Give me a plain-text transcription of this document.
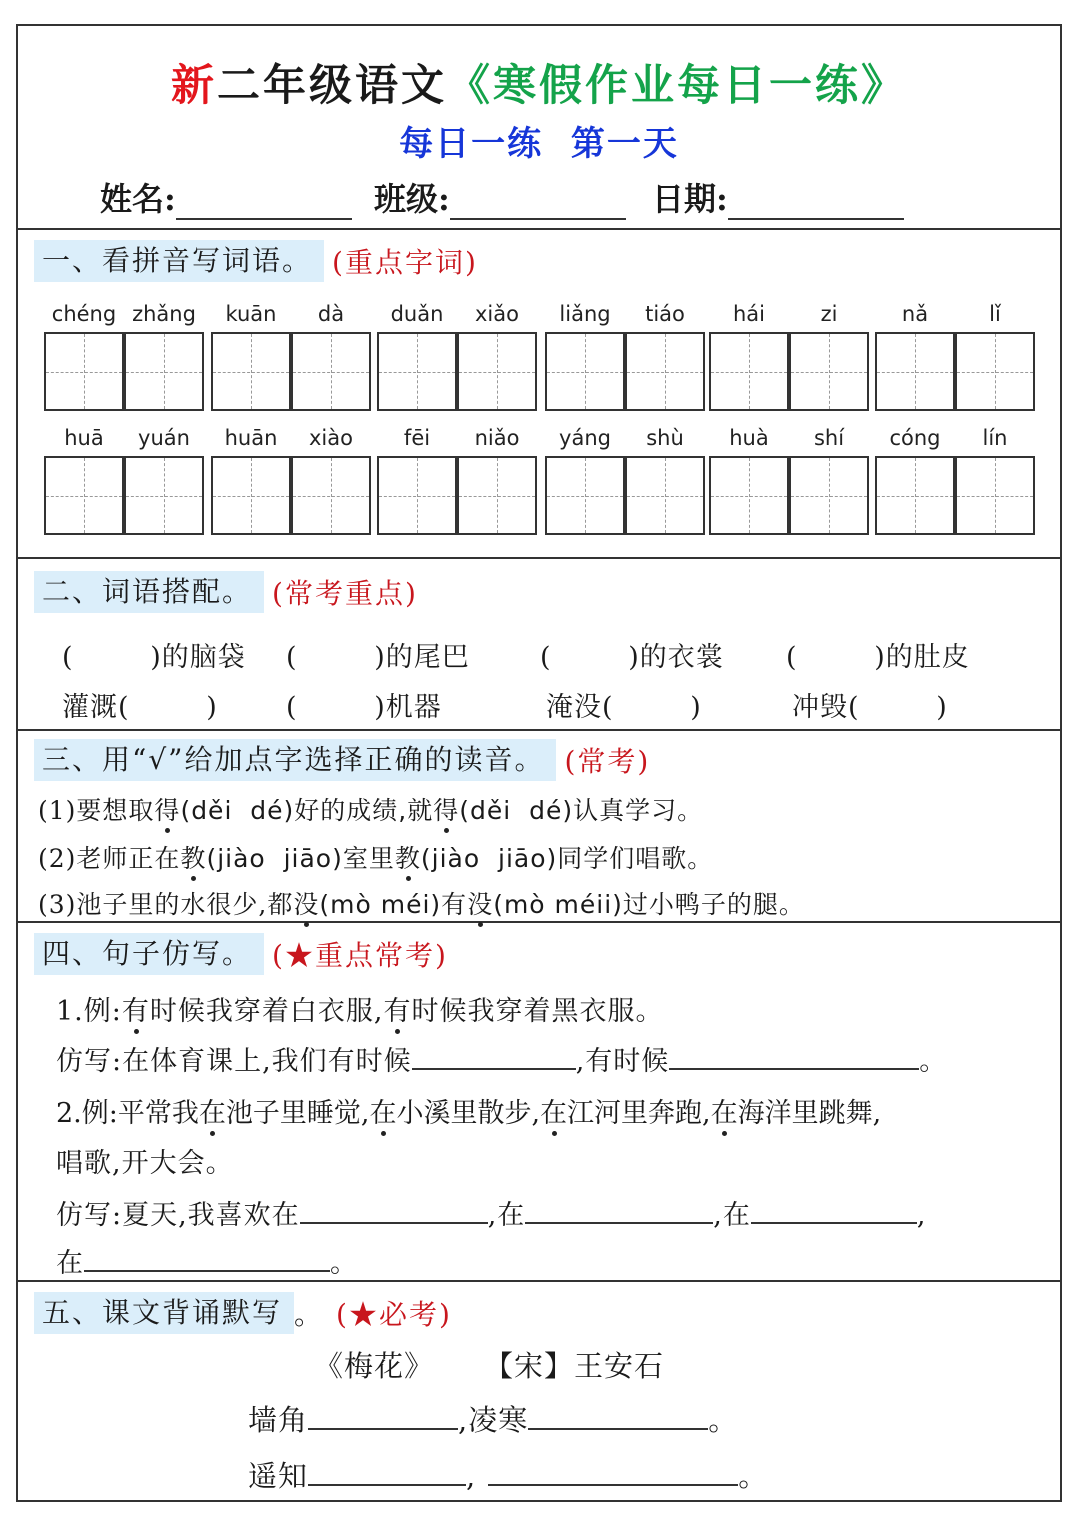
新二年级语文《寒假作业每日一练》
每日一练  第一天
姓名:	班级:	日期:
一、看拼音写词语。 (重点字词)
chéng zhǎng	kuān	dà	duǎn	xiǎo	liǎng	tiáo	hái	zi	nǎ	lǐ
huā	yuán	huān	xiào	fēi	niǎo	yáng	shù	huà	shí	cóng	lín
二、词语搭配。 (常考重点)
(        )的脑袋 (        )的尾巴	(        )的衣裳 (        )的肚皮
灌溉(        )	(        )机器	淹没(        )	冲毁(        )
三、用“√”给加点字选择正确的读音。 (常考)
(1)要想取得(děi  dé)好的成绩,就得(děi  dé)认真学习。
(2)老师正在教(jiào  jiāo)室里教(jiào  jiāo)同学们唱歌。
(3)池子里的水很少,都没(mò méi)有没(mò méii)过小鸭子的腿。
四、句子仿写。 (★重点常考)
1.例:有时候我穿着白衣服,有时候我穿着黑衣服。
仿写:在体育课上,我们有时候	,有时候	。
2.例:平常我在池子里睡觉,在小溪里散步,在江河里奔跑,在海洋里跳舞,
唱歌,开大会。
仿写:夏天,我喜欢在	,在	,在	,
在	。
五、课文背诵默写 。 (★必考)
《梅花》 【宋】王安石
墙角	,凌寒	。
遥知	,	。
